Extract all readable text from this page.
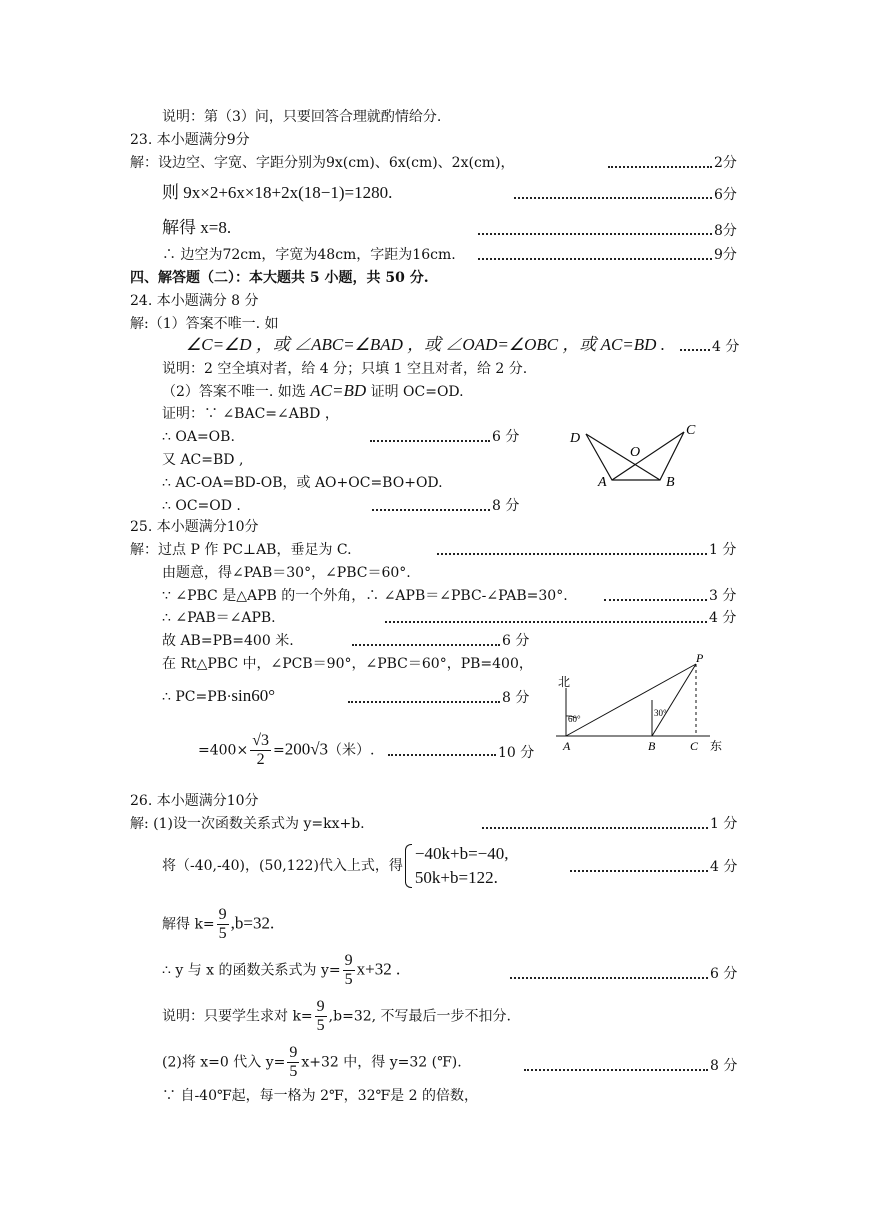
说明：第（3）问，只要回答合理就酌情给分.
23. 本小题满分9分
解：设边空、字宽、字距分别为9x(cm)、6x(cm)、2x(cm)，	2分
则 9x×2+6x×18+2x(18−1)=1280.	6分
解得 x=8.	8分
∴ 边空为72cm，字宽为48cm，字距为16cm.	9分
四、解答题（二）：本大题共 5 小题，共 50 分.
24. 本小题满分 8 分
解:（1）答案不唯一. 如
∠C=∠D ，或 ∠ABC=∠BAD ，或 ∠OAD=∠OBC ，或 AC=BD .	4 分
说明：2 空全填对者，给 4 分；只填 1 空且对者，给 2 分.
（2）答案不唯一. 如选 AC=BD 证明 OC=OD.
证明：∵ ∠BAC=∠ABD ，
∴ OA=OB.	6 分
又 AC=BD ,
∴ AC-OA=BD-OB，或 AO+OC=BO+OD.
∴ OC=OD .	8 分
D
C
O
A	B
25. 本小题满分10分
解：过点 P 作 PC⊥AB，垂足为 C.	1 分
由题意，得∠PAB＝30°，∠PBC＝60°.
∵ ∠PBC 是△APB 的一个外角，∴ ∠APB＝∠PBC-∠PAB=30°.	3 分
∴ ∠PAB＝∠APB.	4 分
故 AB=PB=400 米.	6 分
在 Rt△PBC 中，∠PCB＝90°，∠PBC＝60°，PB=400，
∴ PC=PB·sin60°	8 分
$=400\times \frac{√3}{2} =200√3$（米）.	10 分
北
60°
30°
A	B	C
P
东
26. 本小题满分10分
解: (1)设一次函数关系式为 y=kx+b.	1 分
将（-40,-40)，(50,122)代入上式，得
−40k+b=−40,
50k+b=122.
4 分
解得 $k= \frac{9}{5} ,b=32$.
∴ y 与 x 的函数关系式为 $y= \frac{9}{5} x+32$ .	6 分
说明：只要学生求对 $k= \frac{9}{5} ,b=32$, 不写最后一步不扣分.
(2)将 x=0 代入 $y= \frac{9}{5} x+32$ 中，得 y=32 (℉).	8 分
∵ 自-40℉起，每一格为 2℉，32℉是 2 的倍数，
